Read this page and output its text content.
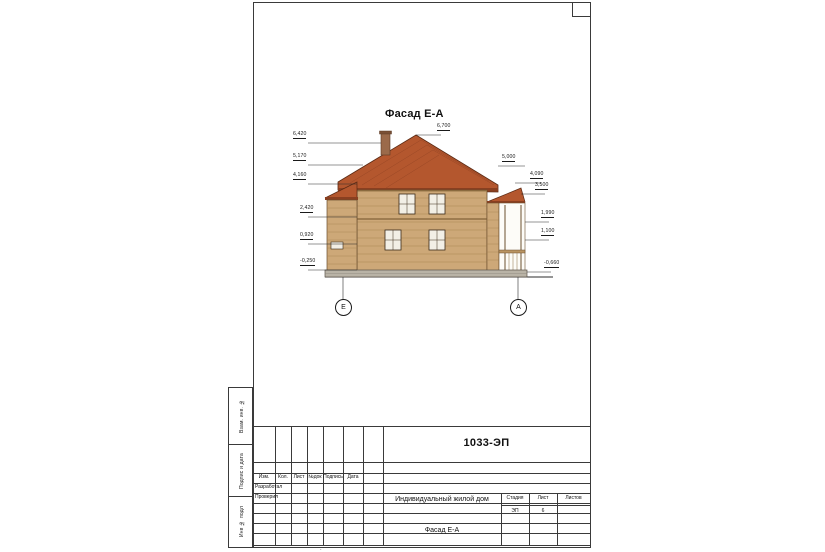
Взам. инв. №
Подпис и дата
Инв № подл
Фасад Е-А
6,420
5,170
4,160
2,420
0,920
-0,250
6,700
5,000
4,090
3,500
1,990
1,100
-0,660
Е	А
1033-ЭП
Изм.	Кол.	Лист №док Подпись Дата
Разработал
Проверил	Индивидуальный жилой дом
Фасад Е-А
Стадия	Лист	Листов
ЭП	6
.
